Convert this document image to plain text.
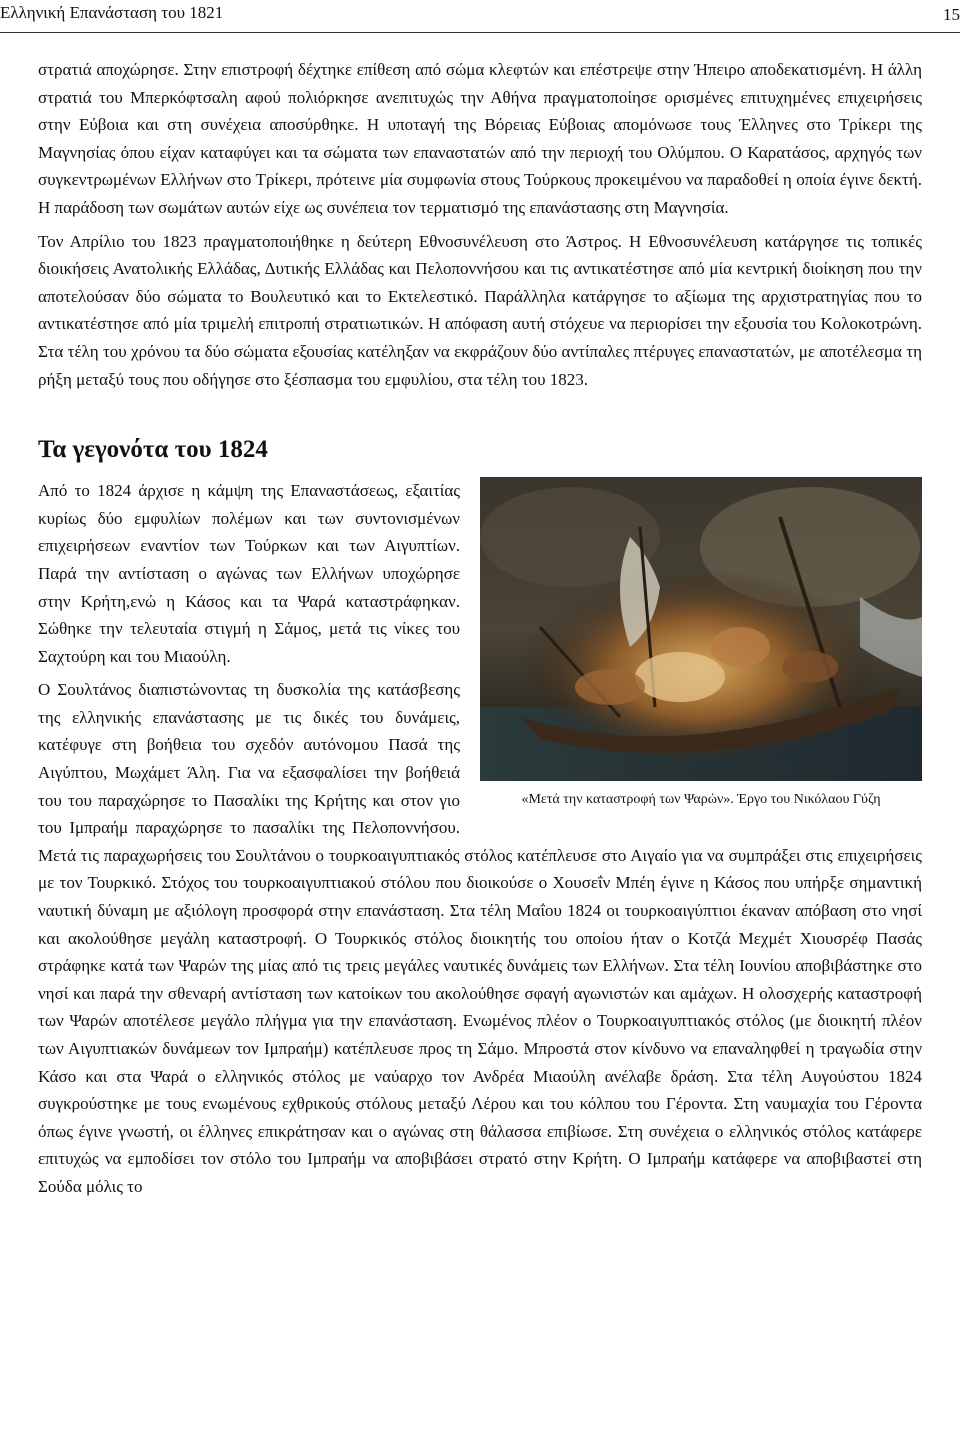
Ελληνική Επανάσταση του 1821	15

στρατιά αποχώρησε. Στην επιστροφή δέχτηκε επίθεση από σώμα κλεφτών και επέστρεψε στην Ήπειρο αποδεκατισμένη. Η άλλη στρατιά του Μπερκόφτσαλη αφού πολιόρκησε ανεπιτυχώς την Αθήνα πραγματοποίησε ορισμένες επιτυχημένες επιχειρήσεις στην Εύβοια και στη συνέχεια αποσύρθηκε. Η υποταγή της Βόρειας Εύβοιας απομόνωσε τους Έλληνες στο Τρίκερι της Μαγνησίας όπου είχαν καταφύγει και τα σώματα των επαναστατών από την περιοχή του Ολύμπου. Ο Καρατάσος, αρχηγός των συγκεντρωμένων Ελλήνων στο Τρίκερι, πρότεινε μία συμφωνία στους Τούρκους προκειμένου να παραδοθεί η οποία έγινε δεκτή. Η παράδοση των σωμάτων αυτών είχε ως συνέπεια τον τερματισμό της επανάστασης στη Μαγνησία.

Τον Απρίλιο του 1823 πραγματοποιήθηκε η δεύτερη Εθνοσυνέλευση στο Άστρος. Η Εθνοσυνέλευση κατάργησε τις τοπικές διοικήσεις Ανατολικής Ελλάδας, Δυτικής Ελλάδας και Πελοποννήσου και τις αντικατέστησε από μία κεντρική διοίκηση που την αποτελούσαν δύο σώματα το Βουλευτικό και το Εκτελεστικό. Παράλληλα κατάργησε το αξίωμα της αρχιστρατηγίας που το αντικατέστησε από μία τριμελή επιτροπή στρατιωτικών. Η απόφαση αυτή στόχευε να περιορίσει την εξουσία του Κολοκοτρώνη. Στα τέλη του χρόνου τα δύο σώματα εξουσίας κατέληξαν να εκφράζουν δύο αντίπαλες πτέρυγες επαναστατών, με αποτέλεσμα τη ρήξη μεταξύ τους που οδήγησε στο ξέσπασμα του εμφυλίου, στα τέλη του 1823.

Τα γεγονότα του 1824
«Μετά την καταστροφή των Ψαρών». Έργο του Νικόλαου Γύζη

Από το 1824 άρχισε η κάμψη της Επαναστάσεως, εξαιτίας κυρίως δύο εμφυλίων πολέμων και των συντονισμένων επιχειρήσεων εναντίον των Τούρκων και των Αιγυπτίων. Παρά την αντίσταση ο αγώνας των Ελλήνων υποχώρησε στην Κρήτη,ενώ η Κάσος και τα Ψαρά καταστράφηκαν. Σώθηκε την τελευταία στιγμή η Σάμος, μετά τις νίκες του Σαχτούρη και του Μιαούλη.

Ο Σουλτάνος διαπιστώνοντας τη δυσκολία της κατάσβεσης της ελληνικής επανάστασης με τις δικές του δυνάμεις, κατέφυγε στη βοήθεια του σχεδόν αυτόνομου Πασά της Αιγύπτου, Μωχάμετ Άλη. Για να εξασφαλίσει την βοήθειά του του παραχώρησε το Πασαλίκι της Κρήτης και στον γιο του Ιμπραήμ παραχώρησε το πασαλίκι της Πελοποννήσου. Μετά τις παραχωρήσεις του Σουλτάνου ο τουρκοαιγυπτιακός στόλος κατέπλευσε στο Αιγαίο για να συμπράξει στις επιχειρήσεις με τον Τουρκικό. Στόχος του τουρκοαιγυπτιακού στόλου που διοικούσε ο Χουσεΐν Μπέη έγινε η Κάσος που υπήρξε σημαντική ναυτική δύναμη με αξιόλογη προσφορά στην επανάσταση. Στα τέλη Μαΐου 1824 οι τουρκοαιγύπτιοι έκαναν απόβαση στο νησί και ακολούθησε μεγάλη καταστροφή. Ο Τουρκικός στόλος διοικητής του οποίου ήταν ο Κοτζά Μεχμέτ Χιουσρέφ Πασάς στράφηκε κατά των Ψαρών της μίας από τις τρεις μεγάλες ναυτικές δυνάμεις των Ελλήνων. Στα τέλη Ιουνίου αποβιβάστηκε στο νησί και παρά την σθεναρή αντίσταση των κατοίκων του ακολούθησε σφαγή αγωνιστών και αμάχων. Η ολοσχερής καταστροφή των Ψαρών αποτέλεσε μεγάλο πλήγμα για την επανάσταση. Ενωμένος πλέον ο Τουρκοαιγυπτιακός στόλος (με διοικητή πλέον των Αιγυπτιακών δυνάμεων τον Ιμπραήμ) κατέπλευσε προς τη Σάμο. Μπροστά στον κίνδυνο να επαναληφθεί η τραγωδία στην Κάσο και στα Ψαρά ο ελληνικός στόλος με ναύαρχο τον Ανδρέα Μιαούλη ανέλαβε δράση. Στα τέλη Αυγούστου 1824 συγκρούστηκε με τους ενωμένους εχθρικούς στόλους μεταξύ Λέρου και του κόλπου του Γέροντα. Στη ναυμαχία του Γέροντα όπως έγινε γνωστή, οι έλληνες επικράτησαν και ο αγώνας στη θάλασσα επιβίωσε. Στη συνέχεια ο ελληνικός στόλος κατάφερε επιτυχώς να εμποδίσει τον στόλο του Ιμπραήμ να αποβιβάσει στρατό στην Κρήτη. Ο Ιμπραήμ κατάφερε να αποβιβαστεί στη Σούδα μόλις το
